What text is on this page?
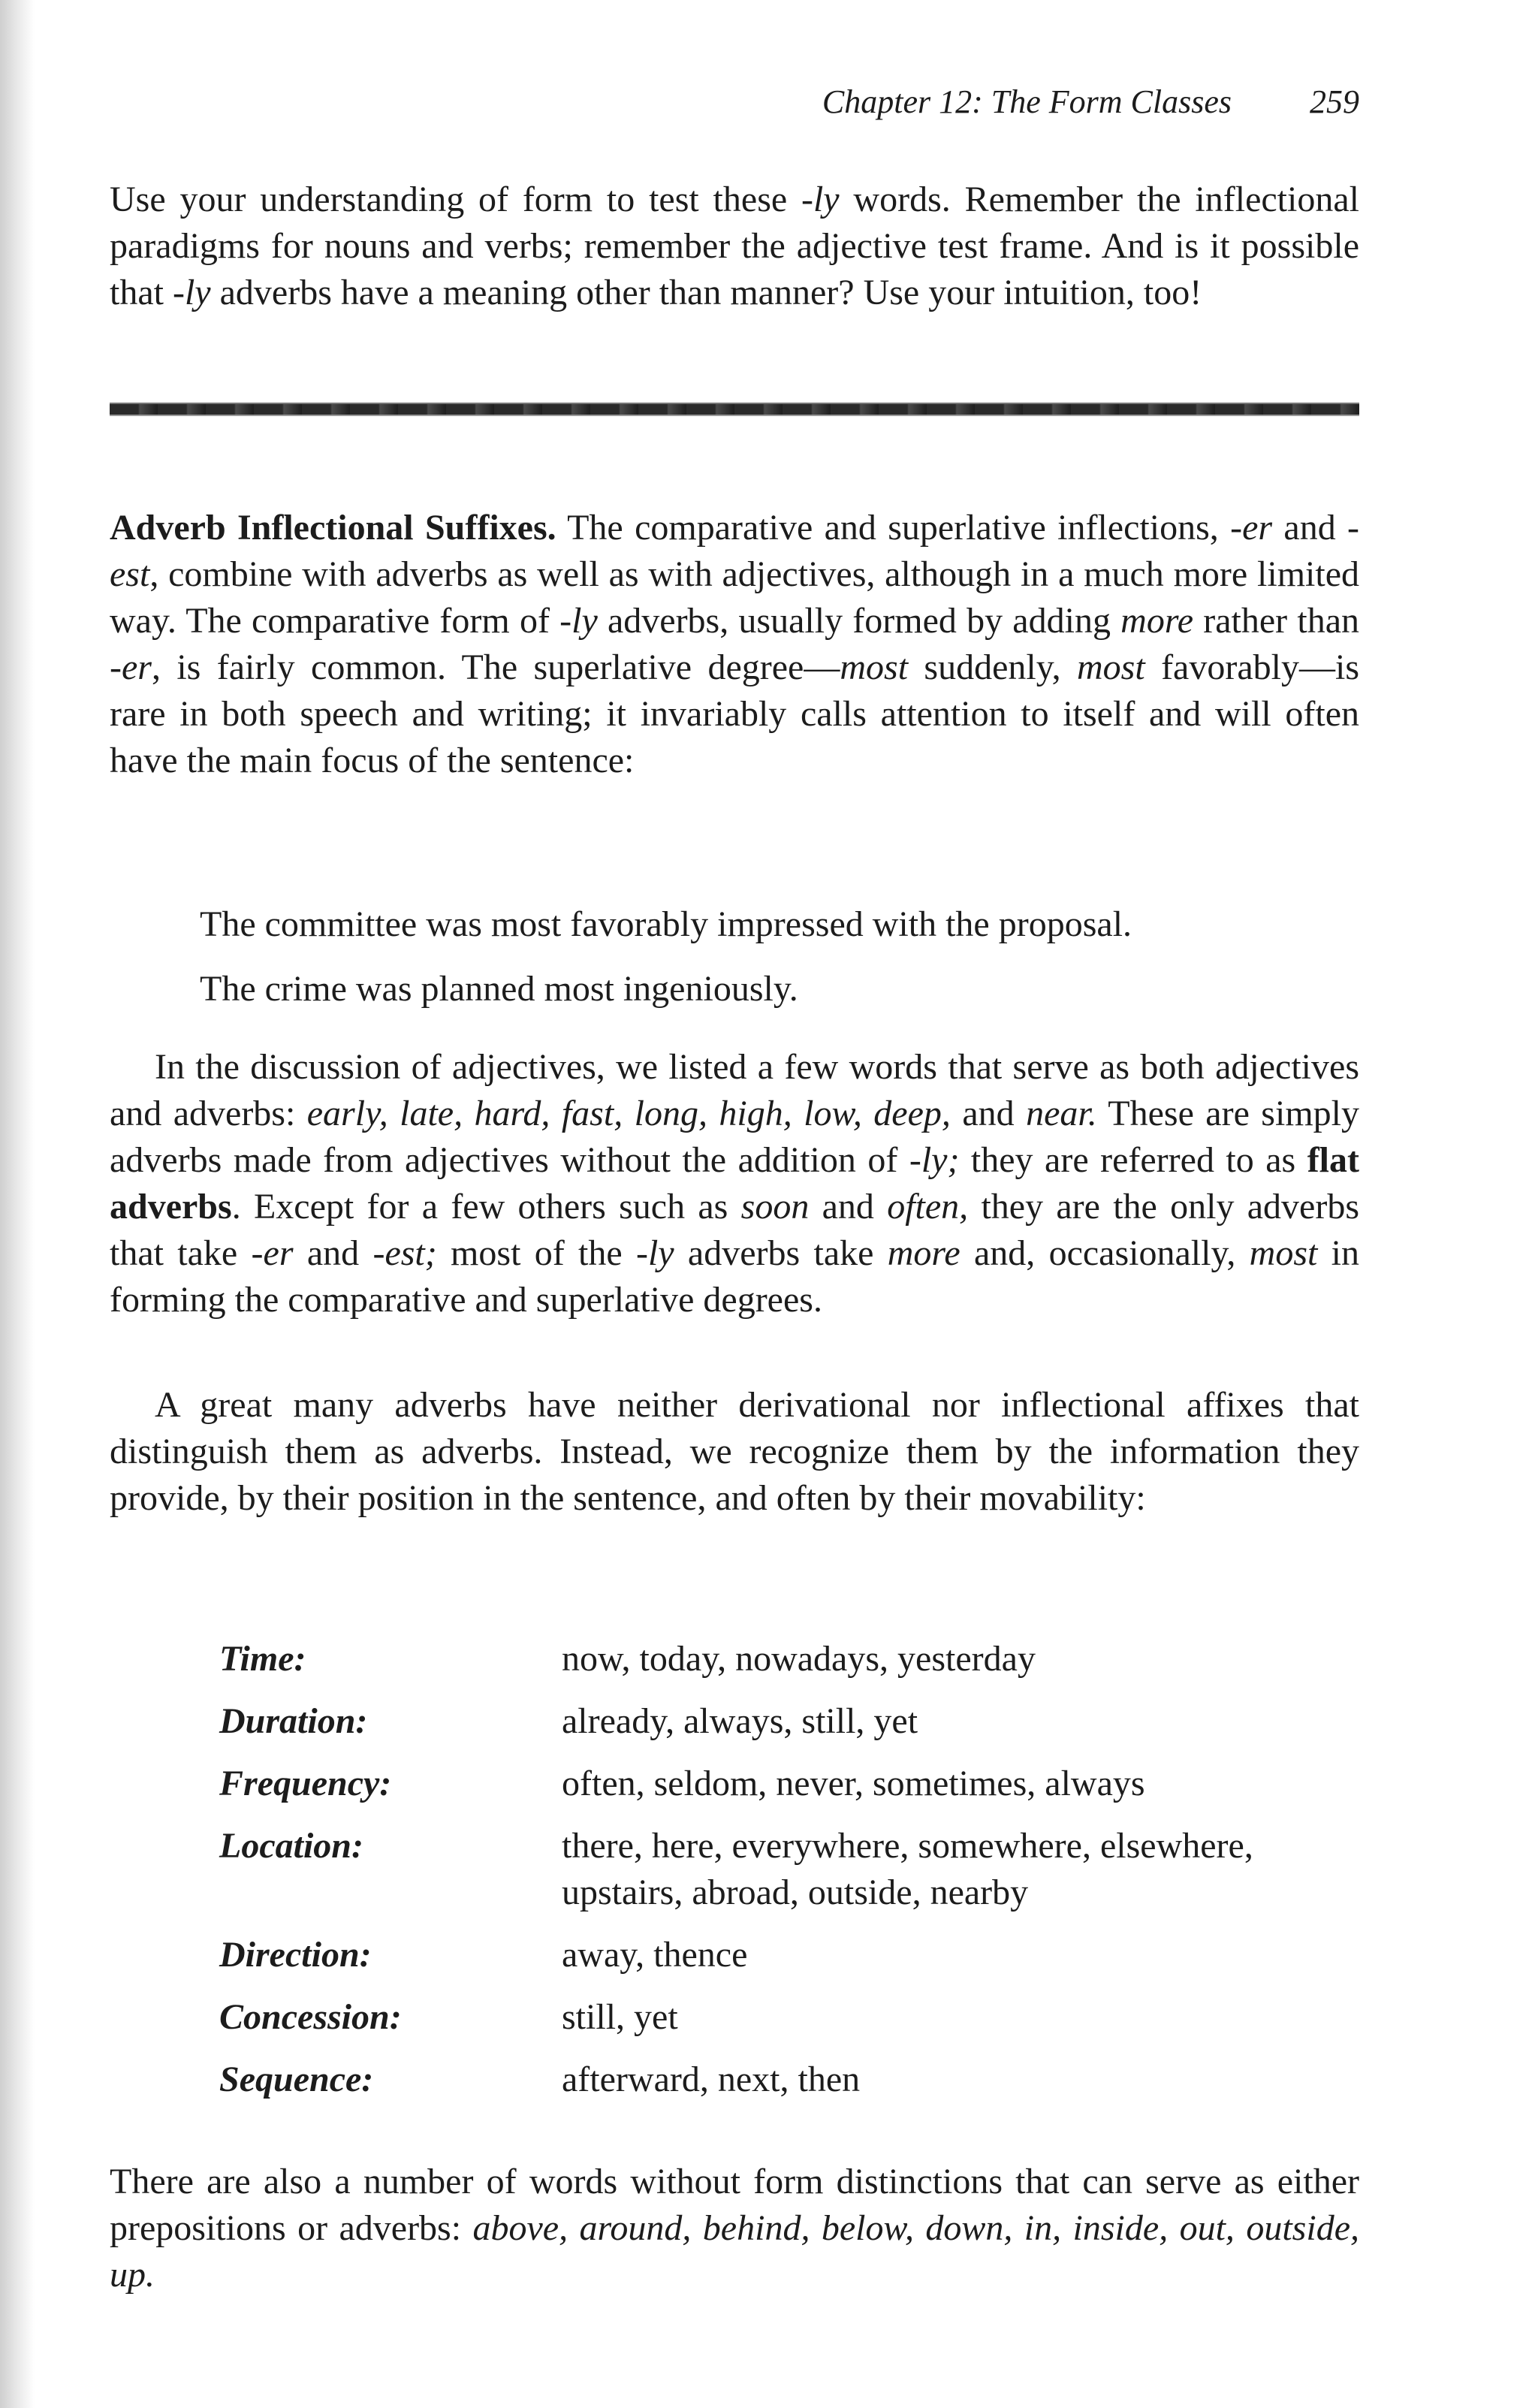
Chapter 12: The Form Classes 259

Use your understanding of form to test these -ly words. Remember the inflectional paradigms for nouns and verbs; remember the adjective test frame. And is it possible that -ly adverbs have a meaning other than manner? Use your intuition, too!

Adverb Inflectional Suffixes. The comparative and superlative inflections, -er and -est, combine with adverbs as well as with adjectives, although in a much more limited way. The comparative form of -ly adverbs, usually formed by adding more rather than -er, is fairly common. The superlative degree—most suddenly, most favorably—is rare in both speech and writing; it invariably calls attention to itself and will often have the main focus of the sentence:

The committee was most favorably impressed with the proposal.

The crime was planned most ingeniously.

In the discussion of adjectives, we listed a few words that serve as both adjectives and adverbs: early, late, hard, fast, long, high, low, deep, and near. These are simply adverbs made from adjectives without the addition of -ly; they are referred to as flat adverbs. Except for a few others such as soon and often, they are the only adverbs that take -er and -est; most of the -ly adverbs take more and, occasionally, most in forming the comparative and superlative degrees.

A great many adverbs have neither derivational nor inflectional affixes that distinguish them as adverbs. Instead, we recognize them by the information they provide, by their position in the sentence, and often by their movability:

Time:	now, today, nowadays, yesterday
Duration:	already, always, still, yet
Frequency:	often, seldom, never, sometimes, always
Location:	there, here, everywhere, somewhere, elsewhere, upstairs, abroad, outside, nearby
Direction:	away, thence
Concession:	still, yet
Sequence:	afterward, next, then

There are also a number of words without form distinctions that can serve as either prepositions or adverbs: above, around, behind, below, down, in, inside, out, outside, up.
